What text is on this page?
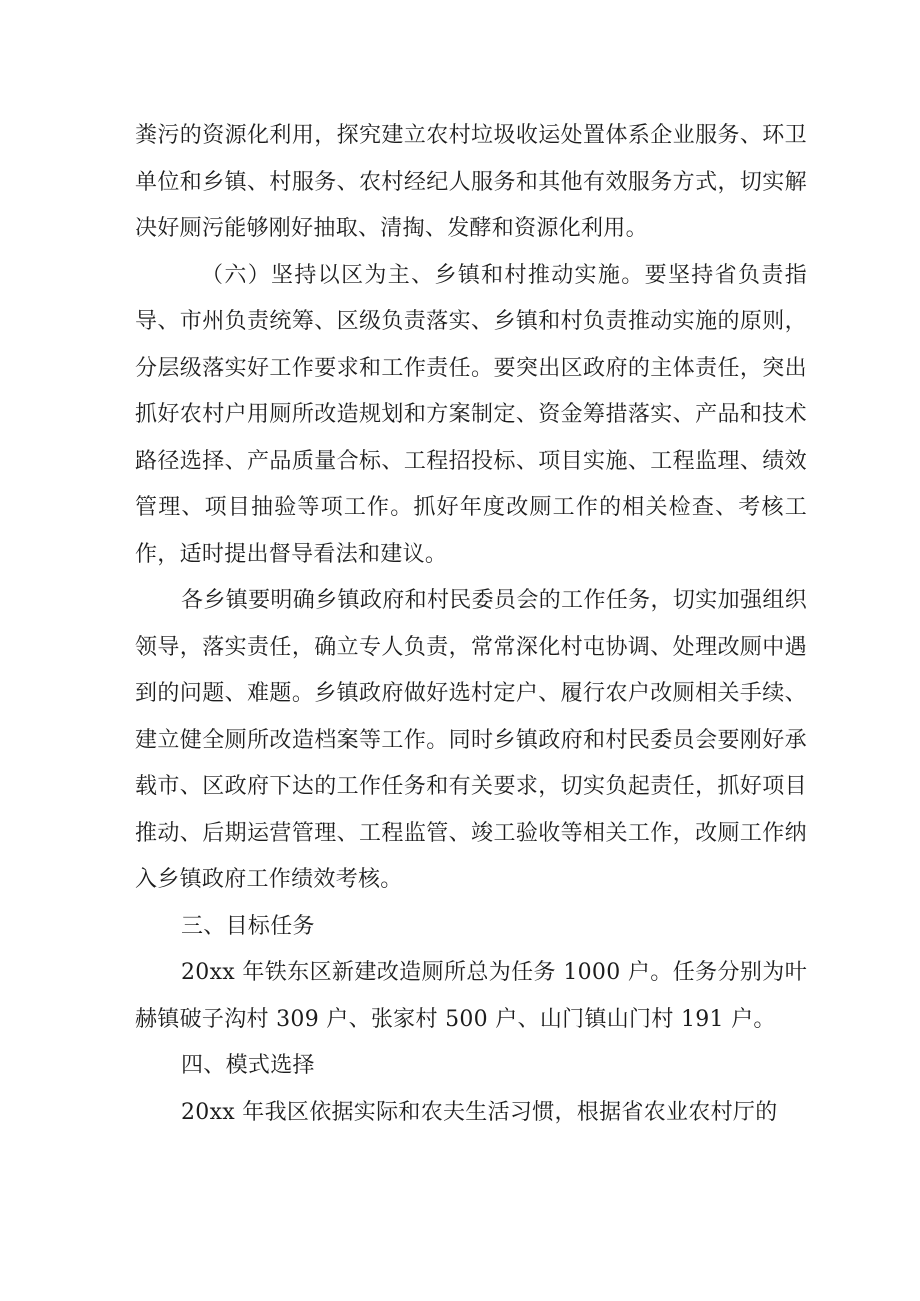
粪污的资源化利用，探究建立农村垃圾收运处置体系企业服务、环卫单位和乡镇、村服务、农村经纪人服务和其他有效服务方式，切实解决好厕污能够刚好抽取、清掏、发酵和资源化利用。

（六）坚持以区为主、乡镇和村推动实施。要坚持省负责指导、市州负责统筹、区级负责落实、乡镇和村负责推动实施的原则，分层级落实好工作要求和工作责任。要突出区政府的主体责任，突出抓好农村户用厕所改造规划和方案制定、资金筹措落实、产品和技术路径选择、产品质量合标、工程招投标、项目实施、工程监理、绩效管理、项目抽验等项工作。抓好年度改厕工作的相关检查、考核工作，适时提出督导看法和建议。

各乡镇要明确乡镇政府和村民委员会的工作任务，切实加强组织领导，落实责任，确立专人负责，常常深化村屯协调、处理改厕中遇到的问题、难题。乡镇政府做好选村定户、履行农户改厕相关手续、建立健全厕所改造档案等工作。同时乡镇政府和村民委员会要刚好承载市、区政府下达的工作任务和有关要求，切实负起责任，抓好项目推动、后期运营管理、工程监管、竣工验收等相关工作，改厕工作纳入乡镇政府工作绩效考核。

三、目标任务

20xx 年铁东区新建改造厕所总为任务 1000 户。任务分别为叶赫镇破子沟村 309 户、张家村 500 户、山门镇山门村 191 户。

四、模式选择

20xx 年我区依据实际和农夫生活习惯，根据省农业农村厅的
